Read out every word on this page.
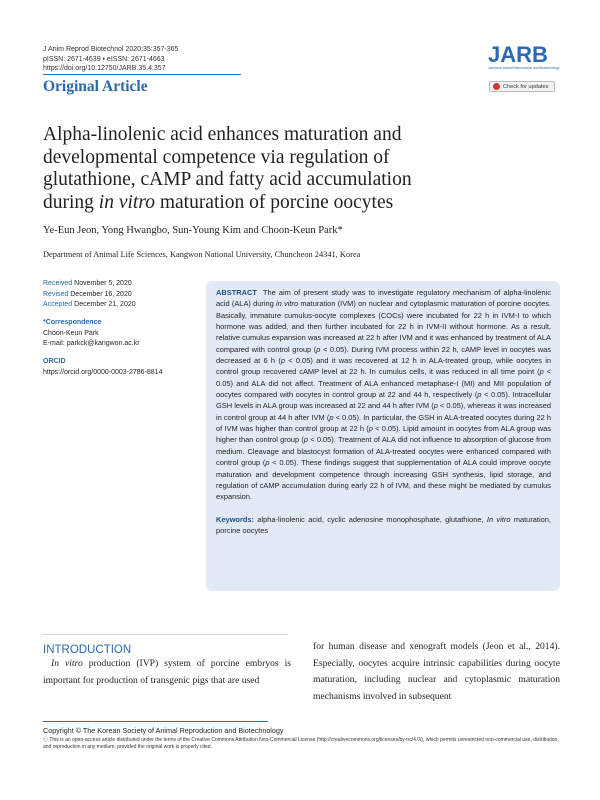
J Anim Reprod Biotechnol 2020;35:357-365
pISSN: 2671-4639 • eISSN: 2671-4663
https://doi.org/10.12750/JARB.35.4.357
Original Article
JARB
Journal of Animal Reproduction and Biotechnology
Check for updates
Alpha-linolenic acid enhances maturation and
developmental competence via regulation of
glutathione, cAMP and fatty acid accumulation
during in vitro maturation of porcine oocytes
Ye-Eun Jeon, Yong Hwangbo, Sun-Young Kim and Choon-Keun Park*
Department of Animal Life Sciences, Kangwon National University, Chuncheon 24341, Korea
Received November 5, 2020
Revised December 16, 2020
Accepted December 21, 2020
*Correspondence
Choon-Keun Park
E-mail: parkck@kangwon.ac.kr
ORCID
https://orcid.org/0000-0003-2786-8814
ABSTRACT The aim of present study was to investigate regulatory mechanism of alpha-linolenic acid (ALA) during in vitro maturation (IVM) on nuclear and cytoplasmic maturation of porcine oocytes. Basically, immature cumulus-oocyte complexes (COCs) were incubated for 22 h in IVM-I to which hormone was added, and then further incubated for 22 h in IVM-II without hormone. As a result, relative cumulus expansion was increased at 22 h after IVM and it was enhanced by treatment of ALA compared with control group (p < 0.05). During IVM process within 22 h, cAMP level in oocytes was decreased at 6 h (p < 0.05) and it was recovered at 12 h in ALA-treated group, while oocytes in control group recovered cAMP level at 22 h. In cumulus cells, it was reduced in all time point (p < 0.05) and ALA did not affect. Treatment of ALA enhanced metaphase-I (MI) and MII population of oocytes compared with oocytes in control group at 22 and 44 h, respectively (p < 0.05). Intracellular GSH levels in ALA group was increased at 22 and 44 h after IVM (p < 0.05), whereas it was increased in control group at 44 h after IVM (p < 0.05). In particular, the GSH in ALA-treated oocytes during 22 h of IVM was higher than control group at 22 h (p < 0.05). Lipid amount in oocytes from ALA group was higher than control group (p < 0.05). Treatment of ALA did not influence to absorption of glucose from medium. Cleavage and blastocyst formation of ALA-treated oocytes were enhanced compared with control group (p < 0.05). These findings suggest that supplementation of ALA could improve oocyte maturation and development competence through increasing GSH synthesis, lipid storage, and regulation of cAMP accumulation during early 22 h of IVM, and these might be mediated by cumulus expansion.
Keywords: alpha-linolenic acid, cyclic adenosine monophosphate, glutathione, In vitro maturation, porcine oocytes
INTRODUCTION
In vitro production (IVP) system of porcine embryos is important for production of transgenic pigs that are used
for human disease and xenograft models (Jeon et al., 2014). Especially, oocytes acquire intrinsic capabilities during oocyte maturation, including nuclear and cytoplasmic maturation mechanisms involved in subsequent
Copyright © The Korean Society of Animal Reproduction and Biotechnology
ⓒ This is an open-access article distributed under the terms of the Creative Commons Attribution Non-Commercial License (http://creativecommons.org/licenses/by-nc/4.0/), which permits unrestricted non-commercial use, distribution, and reproduction in any medium, provided the original work is properly cited.
